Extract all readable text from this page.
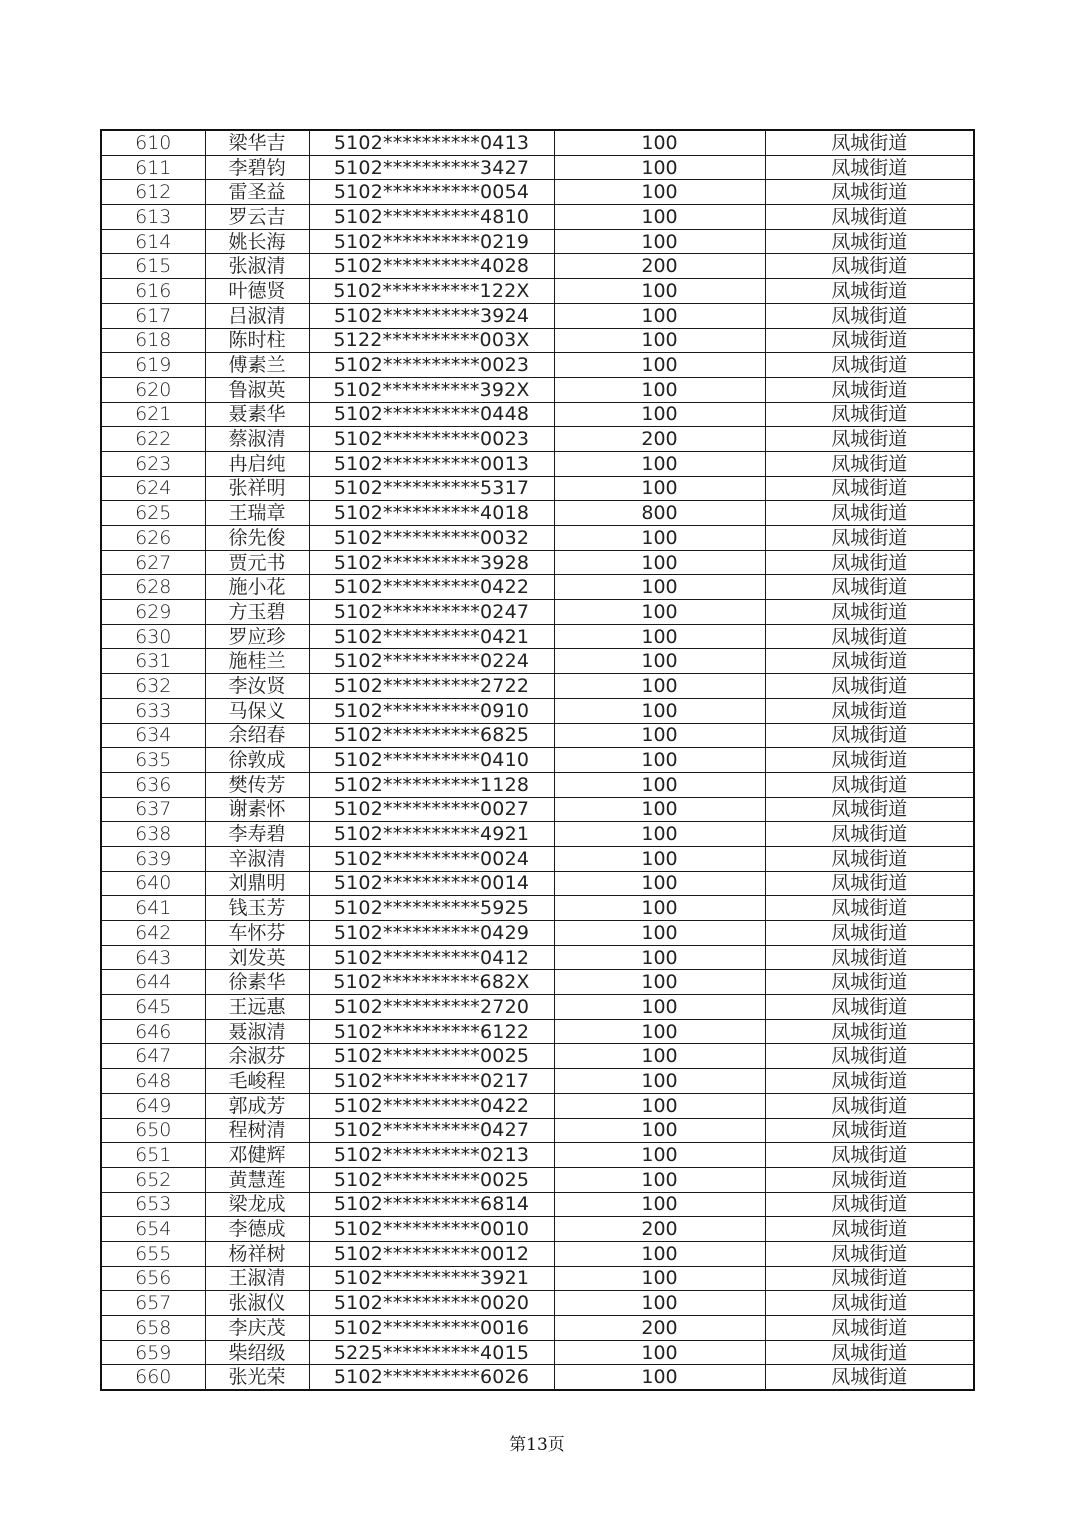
610	梁华吉	5102**********0413	100	凤城街道
611	李碧钧	5102**********3427	100	凤城街道
612	雷圣益	5102**********0054	100	凤城街道
613	罗云吉	5102**********4810	100	凤城街道
614	姚长海	5102**********0219	100	凤城街道
615	张淑清	5102**********4028	200	凤城街道
616	叶德贤	5102**********122X	100	凤城街道
617	吕淑清	5102**********3924	100	凤城街道
618	陈时柱	5122**********003X	100	凤城街道
619	傅素兰	5102**********0023	100	凤城街道
620	鲁淑英	5102**********392X	100	凤城街道
621	聂素华	5102**********0448	100	凤城街道
622	蔡淑清	5102**********0023	200	凤城街道
623	冉启纯	5102**********0013	100	凤城街道
624	张祥明	5102**********5317	100	凤城街道
625	王瑞章	5102**********4018	800	凤城街道
626	徐先俊	5102**********0032	100	凤城街道
627	贾元书	5102**********3928	100	凤城街道
628	施小花	5102**********0422	100	凤城街道
629	方玉碧	5102**********0247	100	凤城街道
630	罗应珍	5102**********0421	100	凤城街道
631	施桂兰	5102**********0224	100	凤城街道
632	李汝贤	5102**********2722	100	凤城街道
633	马保义	5102**********0910	100	凤城街道
634	余绍春	5102**********6825	100	凤城街道
635	徐敦成	5102**********0410	100	凤城街道
636	樊传芳	5102**********1128	100	凤城街道
637	谢素怀	5102**********0027	100	凤城街道
638	李寿碧	5102**********4921	100	凤城街道
639	辛淑清	5102**********0024	100	凤城街道
640	刘鼎明	5102**********0014	100	凤城街道
641	钱玉芳	5102**********5925	100	凤城街道
642	车怀芬	5102**********0429	100	凤城街道
643	刘发英	5102**********0412	100	凤城街道
644	徐素华	5102**********682X	100	凤城街道
645	王远惠	5102**********2720	100	凤城街道
646	聂淑清	5102**********6122	100	凤城街道
647	余淑芬	5102**********0025	100	凤城街道
648	毛峻程	5102**********0217	100	凤城街道
649	郭成芳	5102**********0422	100	凤城街道
650	程树清	5102**********0427	100	凤城街道
651	邓健辉	5102**********0213	100	凤城街道
652	黄慧莲	5102**********0025	100	凤城街道
653	梁龙成	5102**********6814	100	凤城街道
654	李德成	5102**********0010	200	凤城街道
655	杨祥树	5102**********0012	100	凤城街道
656	王淑清	5102**********3921	100	凤城街道
657	张淑仪	5102**********0020	100	凤城街道
658	李庆茂	5102**********0016	200	凤城街道
659	柴绍级	5225**********4015	100	凤城街道
660	张光荣	5102**********6026	100	凤城街道
第13页
